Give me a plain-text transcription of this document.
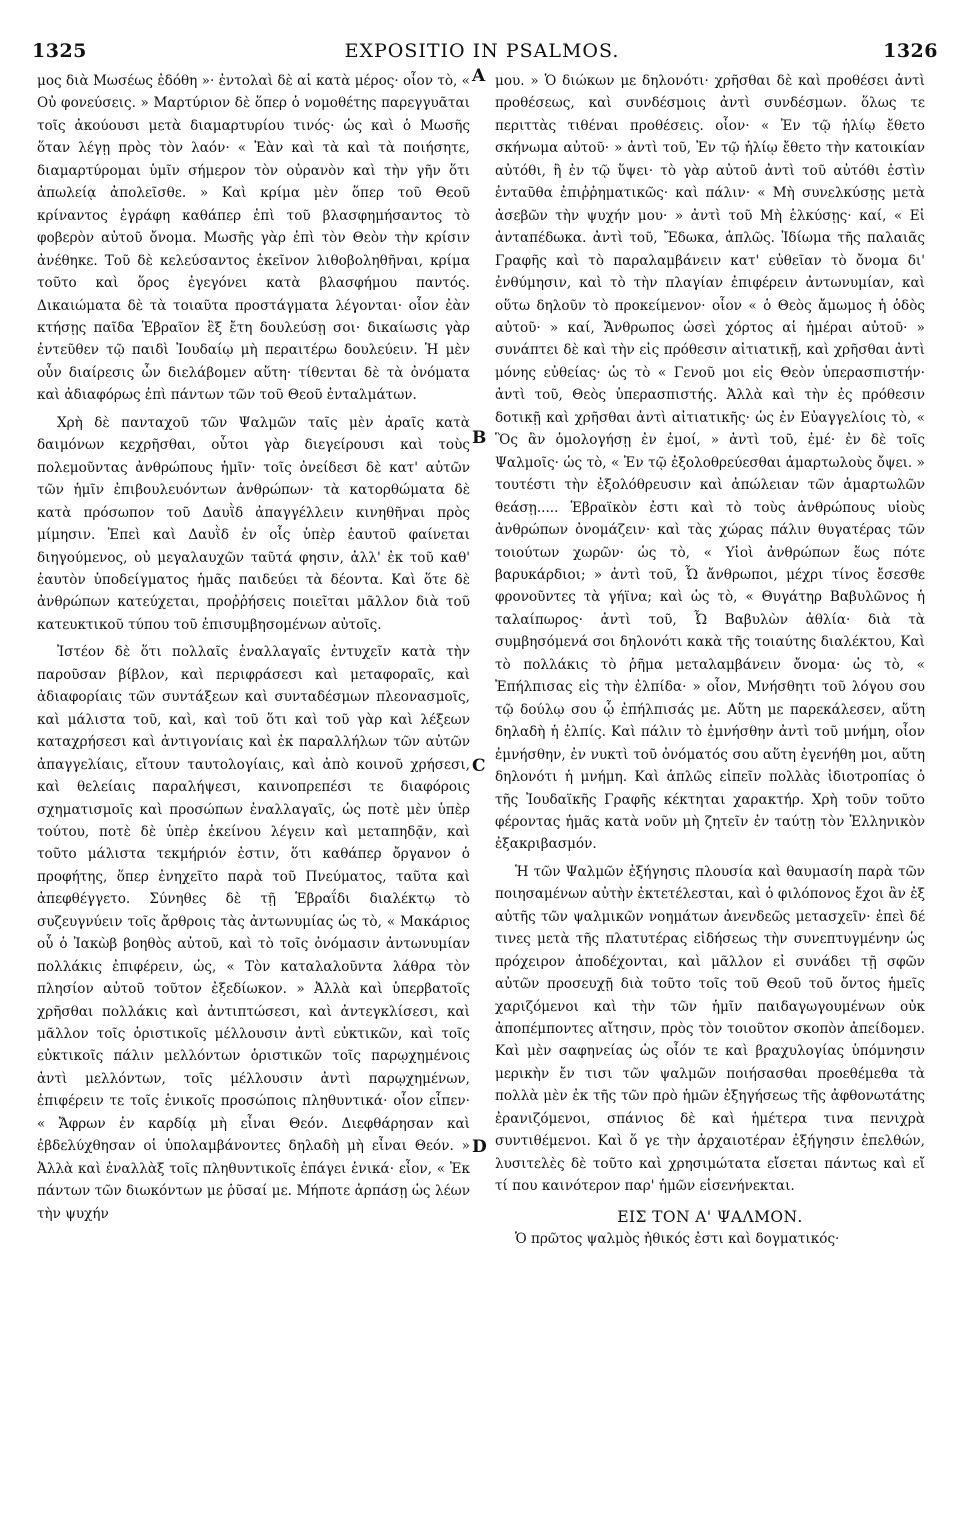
1325	EXPOSITIO IN PSALMOS.	1326

μος διὰ Μωσέως ἐδόθη »· ἐντολαὶ δὲ αἱ κατὰ μέρος· οἷον τὸ, « Οὐ φονεύσεις. » Μαρτύριον δὲ ὅπερ ὁ νομοθέτης παρεγγυᾶται τοῖς ἀκούουσι μετὰ διαμαρτυρίου τινός· ὡς καὶ ὁ Μωσῆς ὅταν λέγῃ πρὸς τὸν λαόν· « Ἐὰν καὶ τὰ καὶ τὰ ποιήσητε, διαμαρτύρομαι ὑμῖν σήμερον τὸν οὐρανὸν καὶ τὴν γῆν ὅτι ἀπωλείᾳ ἀπολεῖσθε. » Καὶ κρίμα μὲν ὅπερ τοῦ Θεοῦ κρίναντος ἐγράφη καθάπερ ἐπὶ τοῦ βλασφημήσαντος τὸ φοβερὸν αὐτοῦ ὄνομα. Μωσῆς γὰρ ἐπὶ τὸν Θεὸν τὴν κρίσιν ἀνέθηκε. Τοῦ δὲ κελεύσαντος ἐκεῖνον λιθοβοληθῆναι, κρίμα τοῦτο καὶ ὅρος ἐγεγόνει κατὰ βλασφήμου παντός. Δικαιώματα δὲ τὰ τοιαῦτα προστάγματα λέγονται· οἷον ἐὰν κτήσῃς παῖδα Ἑβραῖον ἓξ ἔτη δουλεύσῃ σοι· δικαίωσις γὰρ ἐντεῦθεν τῷ παιδὶ Ἰουδαίῳ μὴ περαιτέρω δουλεύειν. Ἡ μὲν οὖν διαίρεσις ὧν διελάβομεν αὕτη· τίθενται δὲ τὰ ὀνόματα καὶ ἀδιαφόρως ἐπὶ πάντων τῶν τοῦ Θεοῦ ἐνταλμάτων.

Χρὴ δὲ πανταχοῦ τῶν Ψαλμῶν ταῖς μὲν ἀραῖς κατὰ δαιμόνων κεχρῆσθαι, οὗτοι γὰρ διεγείρουσι καὶ τοὺς πολεμοῦντας ἀνθρώπους ἡμῖν· τοῖς ὀνείδεσι δὲ κατ' αὐτῶν τῶν ἡμῖν ἐπιβουλευόντων ἀνθρώπων· τὰ κατορθώματα δὲ κατὰ πρόσωπον τοῦ Δαυῒδ ἀπαγγέλλειν κινηθῆναι πρὸς μίμησιν. Ἐπεὶ καὶ Δαυῒδ ἐν οἷς ὑπὲρ ἑαυτοῦ φαίνεται διηγούμενος, οὐ μεγαλαυχῶν ταῦτά φησιν, ἀλλ' ἐκ τοῦ καθ' ἑαυτὸν ὑποδείγματος ἡμᾶς παιδεύει τὰ δέοντα. Καὶ ὅτε δὲ ἀνθρώπων κατεύχεται, προῤῥήσεις ποιεῖται μᾶλλον διὰ τοῦ κατευκτικοῦ τύπου τοῦ ἐπισυμβησομένων αὐτοῖς.

Ἰστέον δὲ ὅτι πολλαῖς ἐναλλαγαῖς ἐντυχεῖν κατὰ τὴν παροῦσαν βίβλον, καὶ περιφράσεσι καὶ μεταφοραῖς, καὶ ἀδιαφορίαις τῶν συντάξεων καὶ συνταδέσμων πλεονασμοῖς, καὶ μάλιστα τοῦ, καὶ, καὶ τοῦ ὅτι καὶ τοῦ γὰρ καὶ λέξεων καταχρήσεσι καὶ ἀντιγονίαις καὶ ἐκ παραλλήλων τῶν αὐτῶν ἀπαγγελίαις, εἴτουν ταυτολογίαις, καὶ ἀπὸ κοινοῦ χρήσεσι, καὶ θελείαις παραλήψεσι, καινοπρεπέσι τε διαφόροις σχηματισμοῖς καὶ προσώπων ἐναλλαγαῖς, ὡς ποτὲ μὲν ὑπὲρ τούτου, ποτὲ δὲ ὑπὲρ ἐκείνου λέγειν καὶ μεταπηδᾷν, καὶ τοῦτο μάλιστα τεκμήριόν ἐστιν, ὅτι καθάπερ ὄργανον ὁ προφήτης, ὅπερ ἐνηχεῖτο παρὰ τοῦ Πνεύματος, ταῦτα καὶ ἀπεφθέγγετο. Σύνηθες δὲ τῇ Ἑβραΐδι διαλέκτῳ τὸ συζευγνύειν τοῖς ἄρθροις τὰς ἀντωνυμίας ὡς τὸ, « Μακάριος οὗ ὁ Ἰακὼβ βοηθὸς αὐτοῦ, καὶ τὸ τοῖς ὀνόμασιν ἀντωνυμίαν πολλάκις ἐπιφέρειν, ὡς, « Τὸν καταλαλοῦντα λάθρα τὸν πλησίον αὐτοῦ τοῦτον ἐξεδίωκον. » Ἀλλὰ καὶ ὑπερβατοῖς χρῆσθαι πολλάκις καὶ ἀντιπτώσεσι, καὶ ἀντεγκλίσεσι, καὶ μᾶλλον τοῖς ὁριστικοῖς μέλλουσιν ἀντὶ εὐκτικῶν, καὶ τοῖς εὐκτικοῖς πάλιν μελλόντων ὁριστικῶν τοῖς παρῳχημένοις ἀντὶ μελλόντων, τοῖς μέλλουσιν ἀντὶ παρῳχημένων, ἐπιφέρειν τε τοῖς ἑνικοῖς προσώποις πληθυντικά· οἷον εἶπεν· « Ἄφρων ἐν καρδίᾳ μὴ εἶναι Θεόν. Διεφθάρησαν καὶ ἐβδελύχθησαν οἱ ὑπολαμβάνοντες δηλαδὴ μὴ εἶναι Θεόν. » Ἀλλὰ καὶ ἐναλλὰξ τοῖς πληθυντικοῖς ἐπάγει ἑνικά· εἶον, « Ἐκ πάντων τῶν διωκόντων με ῥῦσαί με. Μήποτε ἁρπάσῃ ὡς λέων τὴν ψυχήν

μου. » Ὁ διώκων με δηλονότι· χρῆσθαι δὲ καὶ προθέσει ἀντὶ προθέσεως, καὶ συνδέσμοις ἀντὶ συνδέσμων. ὅλως τε περιττὰς τιθέναι προθέσεις. οἷον· « Ἐν τῷ ἡλίῳ ἔθετο σκήνωμα αὐτοῦ· » ἀντὶ τοῦ, Ἐν τῷ ἡλίῳ ἔθετο τὴν κατοικίαν αὐτόθι, ἢ ἐν τῷ ὕψει· τὸ γὰρ αὐτοῦ ἀντὶ τοῦ αὐτόθι ἐστὶν ἐνταῦθα ἐπιῤῥηματικῶς· καὶ πάλιν· « Μὴ συνελκύσῃς μετὰ ἀσεβῶν τὴν ψυχήν μου· » ἀντὶ τοῦ Μὴ ἑλκύσῃς· καί, « Εἰ ἀνταπέδωκα. ἀντὶ τοῦ, Ἔδωκα, ἁπλῶς. Ἰδίωμα τῆς παλαιᾶς Γραφῆς καὶ τὸ παραλαμβάνειν κατ' εὐθεῖαν τὸ ὄνομα δι' ἐνθύμησιν, καὶ τὸ τὴν πλαγίαν ἐπιφέρειν ἀντωνυμίαν, καὶ οὕτω δηλοῦν τὸ προκείμενον· οἷον « ὁ Θεὸς ἄμωμος ἡ ὁδὸς αὐτοῦ· » καί, Ἄνθρωπος ὡσεὶ χόρτος αἱ ἡμέραι αὐτοῦ· » συνάπτει δὲ καὶ τὴν εἰς πρόθεσιν αἰτιατικῇ, καὶ χρῆσθαι ἀντὶ μόνης εὐθείας· ὡς τὸ « Γενοῦ μοι εἰς Θεὸν ὑπερασπιστήν· ἀντὶ τοῦ, Θεὸς ὑπερασπιστής. Ἀλλὰ καὶ τὴν ἐς πρόθεσιν δοτικῇ καὶ χρῆσθαι ἀντὶ αἰτιατικῆς· ὡς ἐν Εὐαγγελίοις τὸ, « Ὃς ἂν ὁμολογήσῃ ἐν ἐμοί, » ἀντὶ τοῦ, ἐμέ· ἐν δὲ τοῖς Ψαλμοῖς· ὡς τὸ, « Ἐν τῷ ἐξολοθρεύεσθαι ἁμαρτωλοὺς ὄψει. » τουτέστι τὴν ἐξολόθρευσιν καὶ ἀπώλειαν τῶν ἁμαρτωλῶν θεάσῃ..... Ἑβραϊκὸν ἐστι καὶ τὸ τοὺς ἀνθρώπους υἱοὺς ἀνθρώπων ὀνομάζειν· καὶ τὰς χώρας πάλιν θυγατέρας τῶν τοιούτων χωρῶν· ὡς τὸ, « Υἱοὶ ἀνθρώπων ἕως πότε βαρυκάρδιοι; » ἀντὶ τοῦ, Ὦ ἄνθρωποι, μέχρι τίνος ἔσεσθε φρονοῦντες τὰ γήϊνα; καὶ ὡς τὸ, « Θυγάτηρ Βαβυλῶνος ἡ ταλαίπωρος· ἀντὶ τοῦ, Ὦ Βαβυλὼν ἀθλία· διὰ τὰ συμβησόμενά σοι δηλονότι κακὰ τῆς τοιαύτης διαλέκτου, Καὶ τὸ πολλάκις τὸ ῥῆμα μεταλαμβάνειν ὄνομα· ὡς τὸ, « Ἐπήλπισας εἰς τὴν ἐλπίδα· » οἷον, Μνήσθητι τοῦ λόγου σου τῷ δούλῳ σου ᾧ ἐπήλπισάς με. Αὕτη με παρεκάλεσεν, αὕτη δηλαδὴ ἡ ἐλπίς. Καὶ πάλιν τὸ ἐμνήσθην ἀντὶ τοῦ μνήμη, οἷον ἐμνήσθην, ἐν νυκτὶ τοῦ ὀνόματός σου αὕτη ἐγενήθη μοι, αὕτη δηλονότι ἡ μνήμη. Καὶ ἁπλῶς εἰπεῖν πολλὰς ἰδιοτροπίας ὁ τῆς Ἰουδαϊκῆς Γραφῆς κέκτηται χαρακτήρ. Χρὴ τοῦν τοῦτο φέροντας ἡμᾶς κατὰ νοῦν μὴ ζητεῖν ἐν ταύτῃ τὸν Ἑλληνικὸν ἐξακριβασμόν.

Ἡ τῶν Ψαλμῶν ἐξήγησις πλουσία καὶ θαυμασίη παρὰ τῶν ποιησαμένων αὐτὴν ἐκτετέλεσται, καὶ ὁ φιλόπονος ἔχοι ἂν ἐξ αὐτῆς τῶν ψαλμικῶν νοημάτων ἀνενδεῶς μετασχεῖν· ἐπεὶ δέ τινες μετὰ τῆς πλατυτέρας εἰδήσεως τὴν συνεπτυγμένην ὡς πρόχειρον ἀποδέχονται, καὶ μᾶλλον εἰ συνάδει τῇ σφῶν αὐτῶν προσευχῇ διὰ τοῦτο τοῖς τοῦ Θεοῦ τοῦ ὄντος ἡμεῖς χαριζόμενοι καὶ τὴν τῶν ἡμῖν παιδαγωγουμένων οὐκ ἀποπέμποντες αἴτησιν, πρὸς τὸν τοιοῦτον σκοπὸν ἀπείδομεν. Καὶ μὲν σαφηνείας ὡς οἷόν τε καὶ βραχυλογίας ὑπόμνησιν μερικὴν ἔν τισι τῶν ψαλμῶν ποιήσασθαι προεθέμεθα τὰ πολλὰ μὲν ἐκ τῆς τῶν πρὸ ἡμῶν ἐξηγήσεως τῆς ἀφθονωτάτης ἐρανιζόμενοι, σπάνιος δὲ καὶ ἡμέτερα τινα πενιχρὰ συντιθέμενοι. Καὶ ὅ γε τὴν ἀρχαιοτέραν ἐξήγησιν ἐπελθών, λυσιτελὲς δὲ τοῦτο καὶ χρησιμώτατα εἴσεται πάντως καὶ εἴ τί που καινότερον παρ' ἡμῶν εἰσενήνεκται.

ΕΙΣ ΤΟΝ Α' ΨΑΛΜΟΝ.

Ὁ πρῶτος ψαλμὸς ἠθικός ἐστι καὶ δογματικός·

A
B
C
D
